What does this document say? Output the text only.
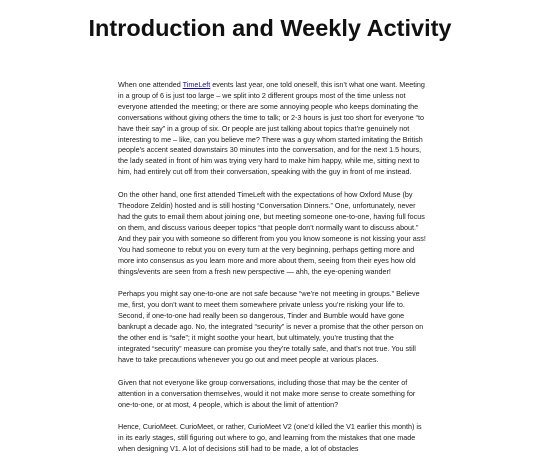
Introduction and Weekly Activity

When one attended TimeLeft events last year, one told oneself, this isn’t what one want. Meeting in a group of 6 is just too large – we split into 2 different groups most of the time unless not everyone attended the meeting; or there are some annoying people who keeps dominating the conversations without giving others the time to talk; or 2-3 hours is just too short for everyone “to have their say” in a group of six. Or people are just talking about topics that’re genuinely not interesting to me – like, can you believe me? There was a guy whom started imitating the British people’s accent seated downstairs 30 minutes into the conversation, and for the next 1.5 hours, the lady seated in front of him was trying very hard to make him happy, while me, sitting next to him, had entirely cut off from their conversation, speaking with the guy in front of me instead.

On the other hand, one first attended TimeLeft with the expectations of how Oxford Muse (by Theodore Zeldin) hosted and is still hosting “Conversation Dinners.” One, unfortunately, never had the guts to email them about joining one, but meeting someone one-to-one, having full focus on them, and discuss various deeper topics “that people don’t normally want to discuss about.” And they pair you with someone so different from you you know someone is not kissing your ass! You had someone to rebut you on every turn at the very beginning, perhaps getting more and more into consensus as you learn more and more about them, seeing from their eyes how old things/events are seen from a fresh new perspective — ahh, the eye-opening wander!

Perhaps you might say one-to-one are not safe because “we’re not meeting in groups.” Believe me, first, you don’t want to meet them somewhere private unless you’re risking your life to. Second, if one-to-one had really been so dangerous, Tinder and Bumble would have gone bankrupt a decade ago. No, the integrated “security” is never a promise that the other person on the other end is “safe”; it might soothe your heart, but ultimately, you’re trusting that the integrated “security” measure can promise you they’re totally safe, and that’s not true. You still have to take precautions whenever you go out and meet people at various places.

Given that not everyone like group conversations, including those that may be the center of attention in a conversation themselves, would it not make more sense to create something for one-to-one, or at most, 4 people, which is about the limit of attention?

Hence, CurioMeet. CurioMeet, or rather, CurioMeet V2 (one’d killed the V1 earlier this month) is in its early stages, still figuring out where to go, and learning from the mistakes that one made when designing V1. A lot of decisions still had to be made, a lot of obstacles
